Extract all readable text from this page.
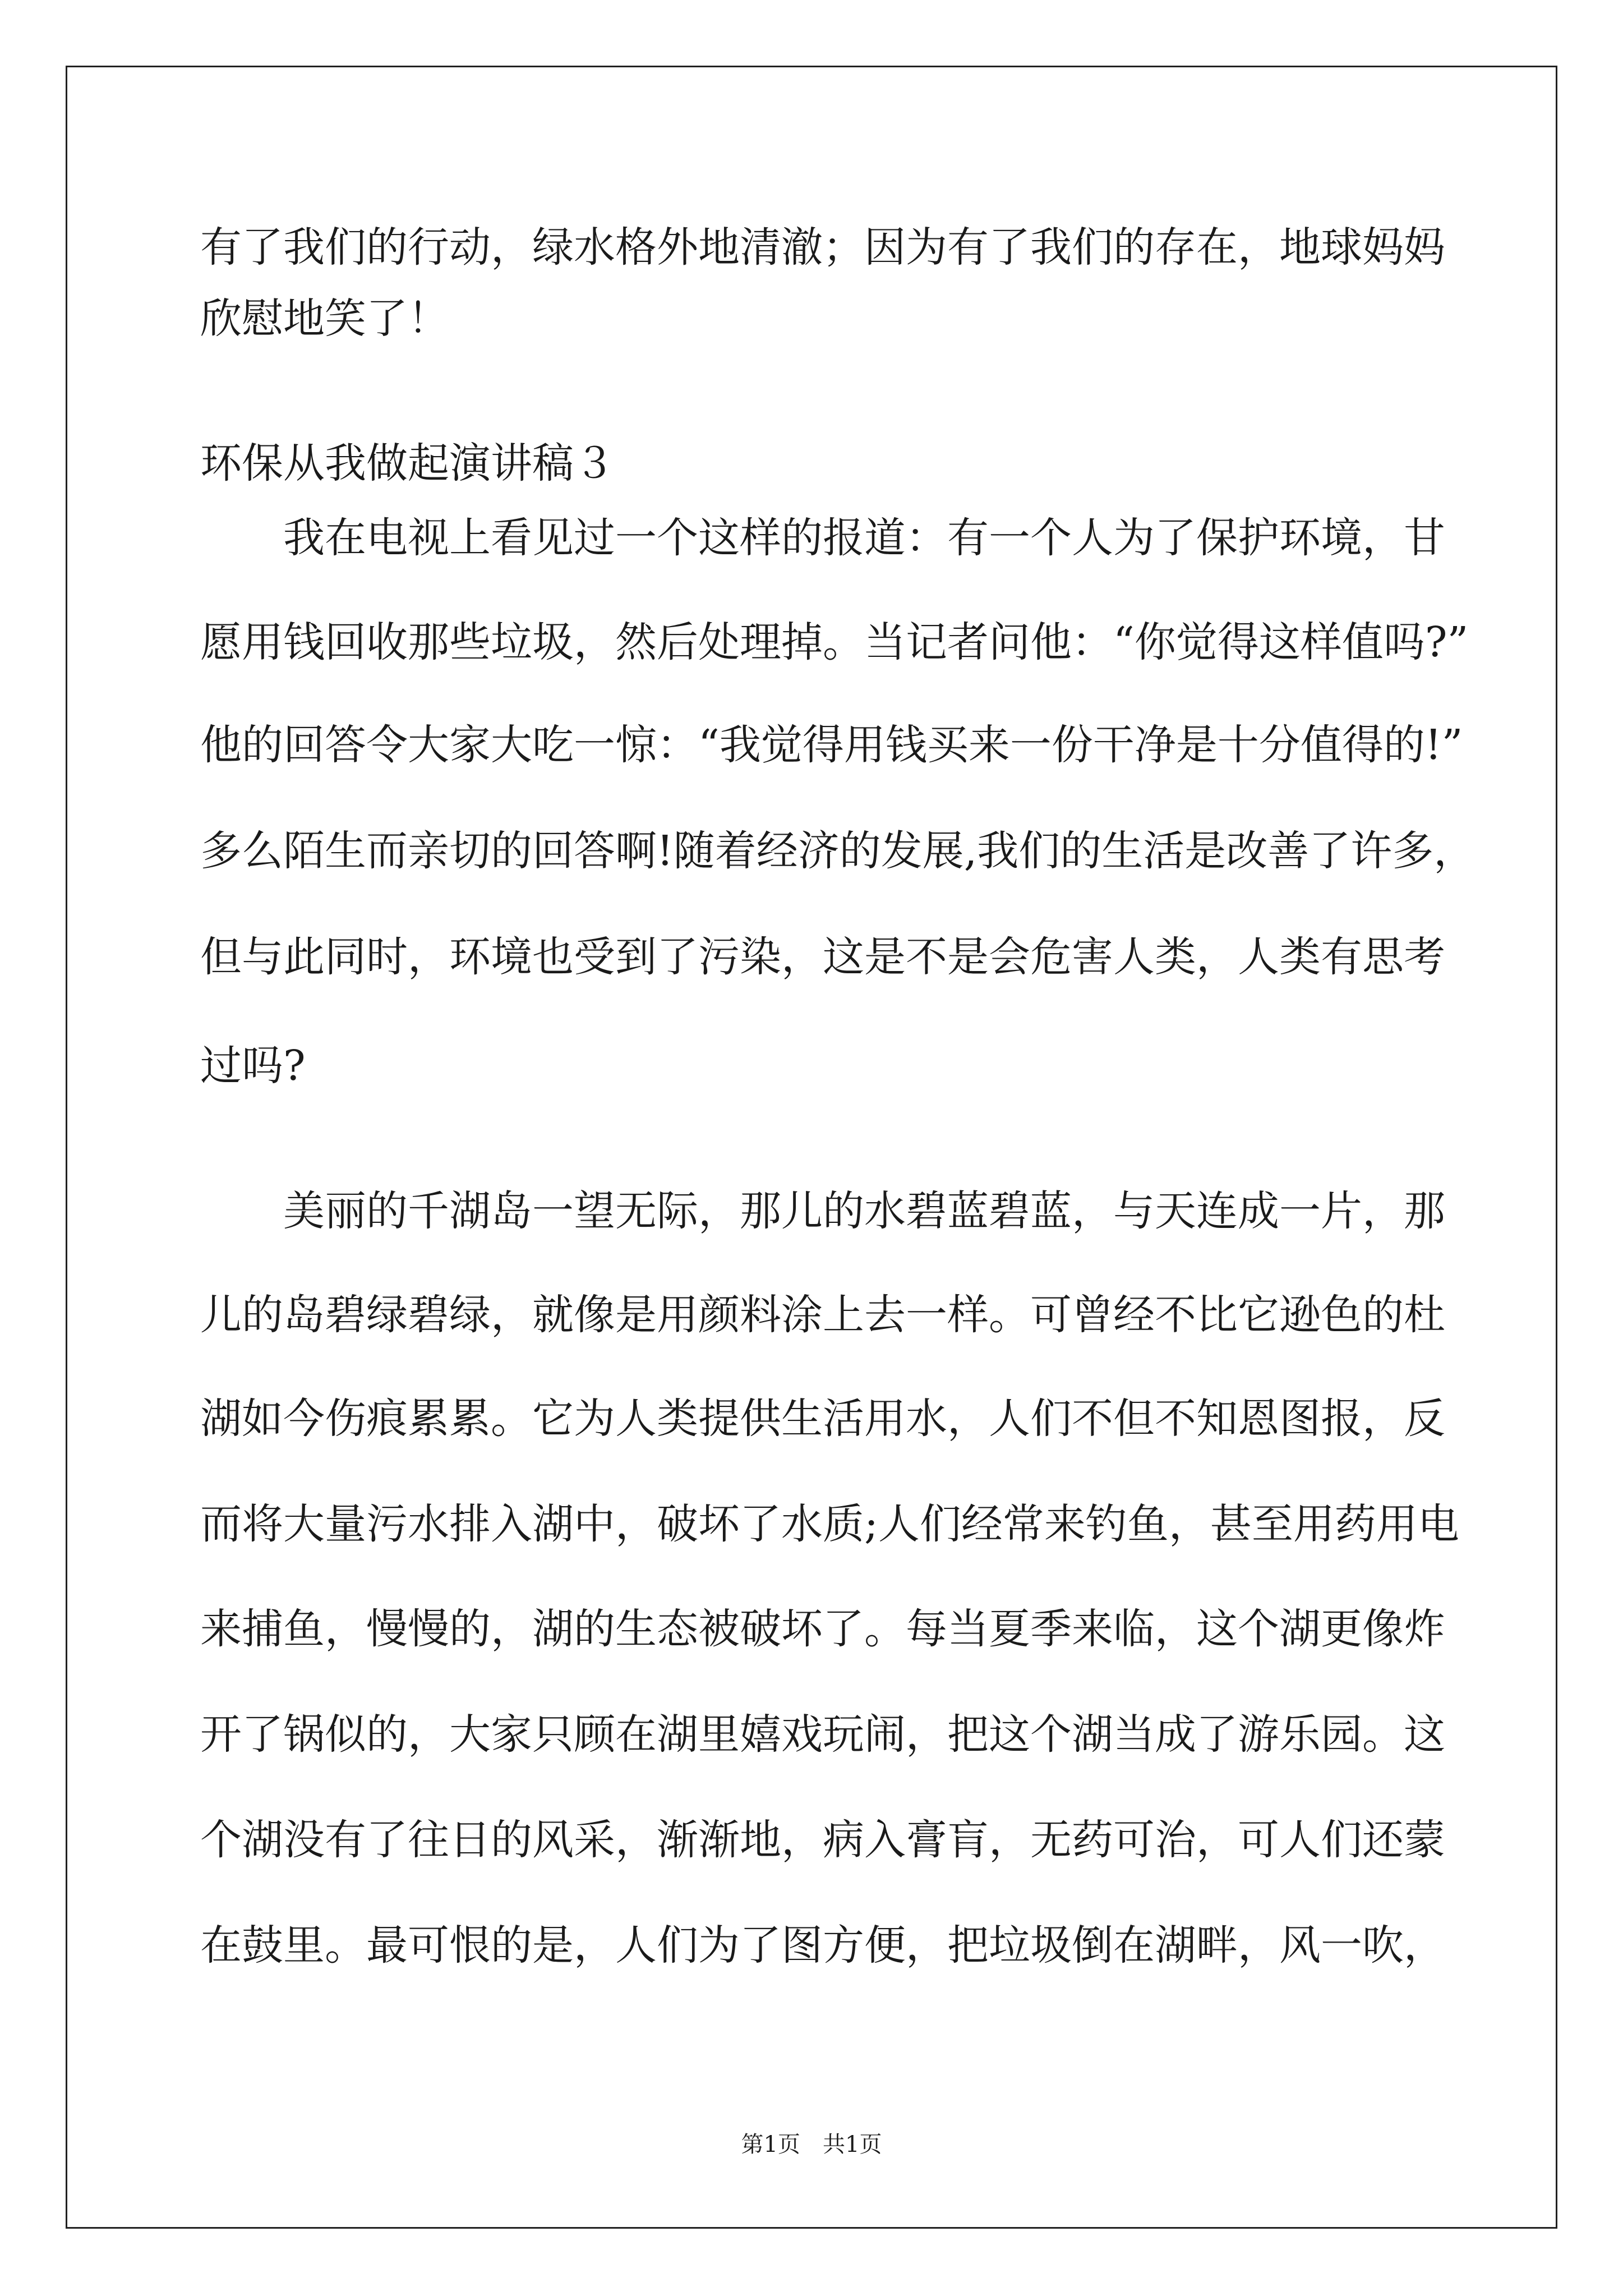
有了我们的行动，绿水格外地清澈；因为有了我们的存在，地球妈妈

欣慰地笑了！

环保从我做起演讲稿３

　　我在电视上看见过一个这样的报道：有一个人为了保护环境，甘

愿用钱回收那些垃圾，然后处理掉。当记者问他：“你觉得这样值吗?”

他的回答令大家大吃一惊：“我觉得用钱买来一份干净是十分值得的!”

多么陌生而亲切的回答啊!随着经济的发展,我们的生活是改善了许多，

但与此同时，环境也受到了污染，这是不是会危害人类，人类有思考

过吗?

　　美丽的千湖岛一望无际，那儿的水碧蓝碧蓝，与天连成一片，那

儿的岛碧绿碧绿，就像是用颜料涂上去一样。可曾经不比它逊色的杜

湖如今伤痕累累。它为人类提供生活用水，人们不但不知恩图报，反

而将大量污水排入湖中，破坏了水质;人们经常来钓鱼，甚至用药用电

来捕鱼，慢慢的，湖的生态被破坏了。每当夏季来临，这个湖更像炸

开了锅似的，大家只顾在湖里嬉戏玩闹，把这个湖当成了游乐园。这

个湖没有了往日的风采，渐渐地，病入膏肓，无药可治，可人们还蒙

在鼓里。最可恨的是，人们为了图方便，把垃圾倒在湖畔，风一吹，

第1页　共1页
